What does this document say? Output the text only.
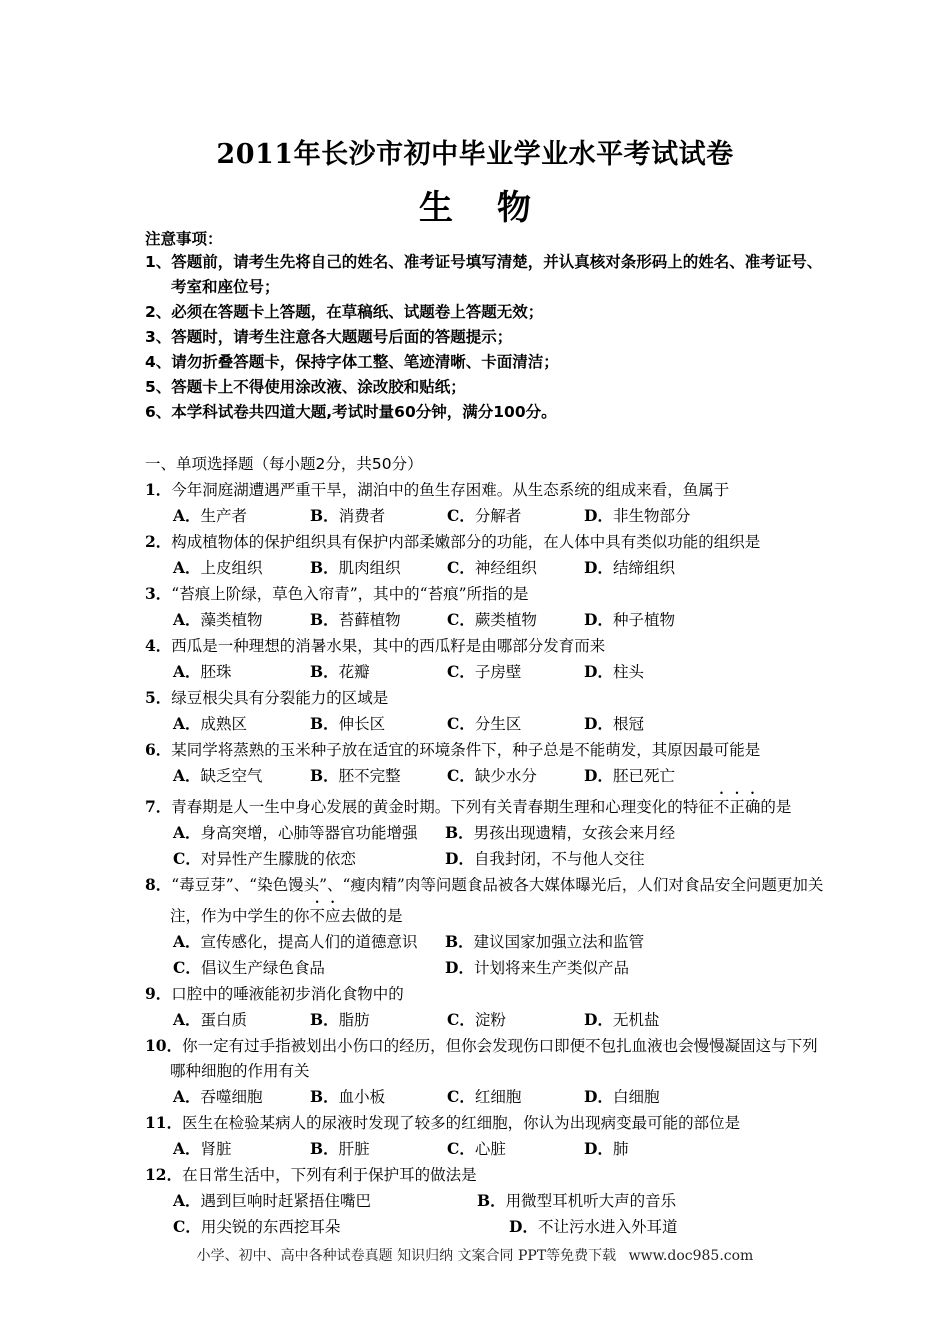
2011年长沙市初中毕业学业水平考试试卷
生物
注意事项：
1、答题前，请考生先将自己的姓名、准考证号填写清楚，并认真核对条形码上的姓名、准考证号、考室和座位号；
2、必须在答题卡上答题，在草稿纸、试题卷上答题无效；
3、答题时，请考生注意各大题题号后面的答题提示；
4、请勿折叠答题卡，保持字体工整、笔迹清晰、卡面清洁；
5、答题卡上不得使用涂改液、涂改胶和贴纸；
6、本学科试卷共四道大题,考试时量60分钟，满分100分。
一、单项选择题（每小题2分，共50分）
1．今年洞庭湖遭遇严重干旱，湖泊中的鱼生存困难。从生态系统的组成来看，鱼属于
A．生产者	B．消费者	C．分解者	D．非生物部分
2．构成植物体的保护组织具有保护内部柔嫩部分的功能，在人体中具有类似功能的组织是
A．上皮组织	B．肌肉组织	C．神经组织	D．结缔组织
3．“苔痕上阶绿，草色入帘青”，其中的“苔痕”所指的是
A．藻类植物	B．苔藓植物	C．蕨类植物	D．种子植物
4．西瓜是一种理想的消暑水果，其中的西瓜籽是由哪部分发育而来
A．胚珠	B．花瓣	C．子房壁	D．柱头
5．绿豆根尖具有分裂能力的区域是
A．成熟区	B．伸长区	C．分生区	D．根冠
6．某同学将蒸熟的玉米种子放在适宜的环境条件下，种子总是不能萌发，其原因最可能是
A．缺乏空气	B．胚不完整	C．缺少水分	D．胚已死亡
7．青春期是人一生中身心发展的黄金时期。下列有关青春期生理和心理变化的特征不正确的是
A．身高突增，心肺等器官功能增强	B．男孩出现遗精，女孩会来月经
C．对异性产生朦胧的依恋	D．自我封闭，不与他人交往
8．“毒豆芽”、“染色馒头”、“瘦肉精”肉等问题食品被各大媒体曝光后，人们对食品安全问题更加关注，作为中学生的你不应去做的是
A．宣传感化，提高人们的道德意识	B．建议国家加强立法和监管
C．倡议生产绿色食品	D．计划将来生产类似产品
9．口腔中的唾液能初步消化食物中的
A．蛋白质	B．脂肪	C．淀粉	D．无机盐
10．你一定有过手指被划出小伤口的经历，但你会发现伤口即便不包扎血液也会慢慢凝固这与下列哪种细胞的作用有关
A．吞噬细胞	B．血小板	C．红细胞	D．白细胞
11．医生在检验某病人的尿液时发现了较多的红细胞，你认为出现病变最可能的部位是
A．肾脏	B．肝脏	C．心脏	D．肺
12．在日常生活中，下列有利于保护耳的做法是
A．遇到巨响时赶紧捂住嘴巴	B．用微型耳机听大声的音乐
C．用尖锐的东西挖耳朵	D．不让污水进入外耳道
小学、初中、高中各种试卷真题 知识归纳 文案合同 PPT等免费下载 www.doc985.com
